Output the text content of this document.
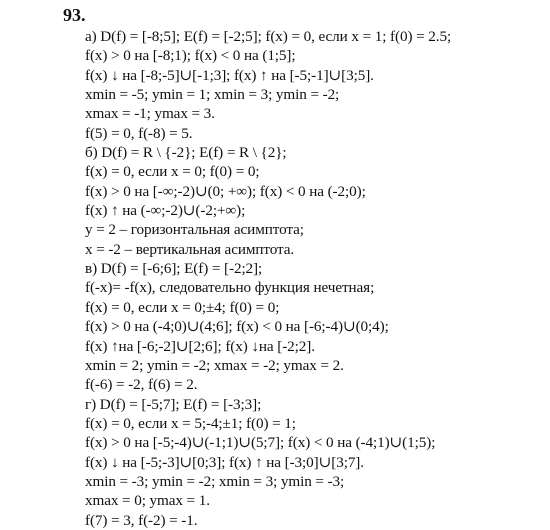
93.
а) D(f) = [-8;5]; E(f) = [-2;5]; f(x) = 0, если x = 1; f(0) = 2.5;
f(x) > 0 на [-8;1); f(x) < 0 на (1;5];
f(x) ↓ на [-8;-5]∪[-1;3]; f(x) ↑ на [-5;-1]∪[3;5].
xmin = -5; ymin = 1; xmin = 3; ymin = -2;
xmax = -1; ymax = 3.
f(5) = 0, f(-8) = 5.
б) D(f) = R \ {-2}; E(f) = R \ {2};
f(x) = 0, если x = 0; f(0) = 0;
f(x) > 0 на [-∞;-2)∪(0; +∞); f(x) < 0 на (-2;0);
f(x) ↑ на (-∞;-2)∪(-2;+∞);
y = 2 – горизонтальная асимптота;
x = -2 – вертикальная асимптота.
в) D(f) = [-6;6]; E(f) = [-2;2];
f(-x)= -f(x), следовательно функция нечетная;
f(x) = 0, если x = 0;±4; f(0) = 0;
f(x) > 0 на (-4;0)∪(4;6]; f(x) < 0 на [-6;-4)∪(0;4);
f(x) ↑на [-6;-2]∪[2;6]; f(x) ↓на [-2;2].
xmin = 2; ymin = -2; xmax = -2; ymax = 2.
f(-6) = -2, f(6) = 2.
г) D(f) = [-5;7]; E(f) = [-3;3];
f(x) = 0, если x = 5;-4;±1; f(0) = 1;
f(x) > 0 на [-5;-4)∪(-1;1)∪(5;7]; f(x) < 0 на (-4;1)∪(1;5);
f(x) ↓ на [-5;-3]∪[0;3]; f(x) ↑ на [-3;0]∪[3;7].
xmin = -3; ymin = -2; xmin = 3; ymin = -3;
xmax = 0; ymax = 1.
f(7) = 3, f(-2) = -1.
